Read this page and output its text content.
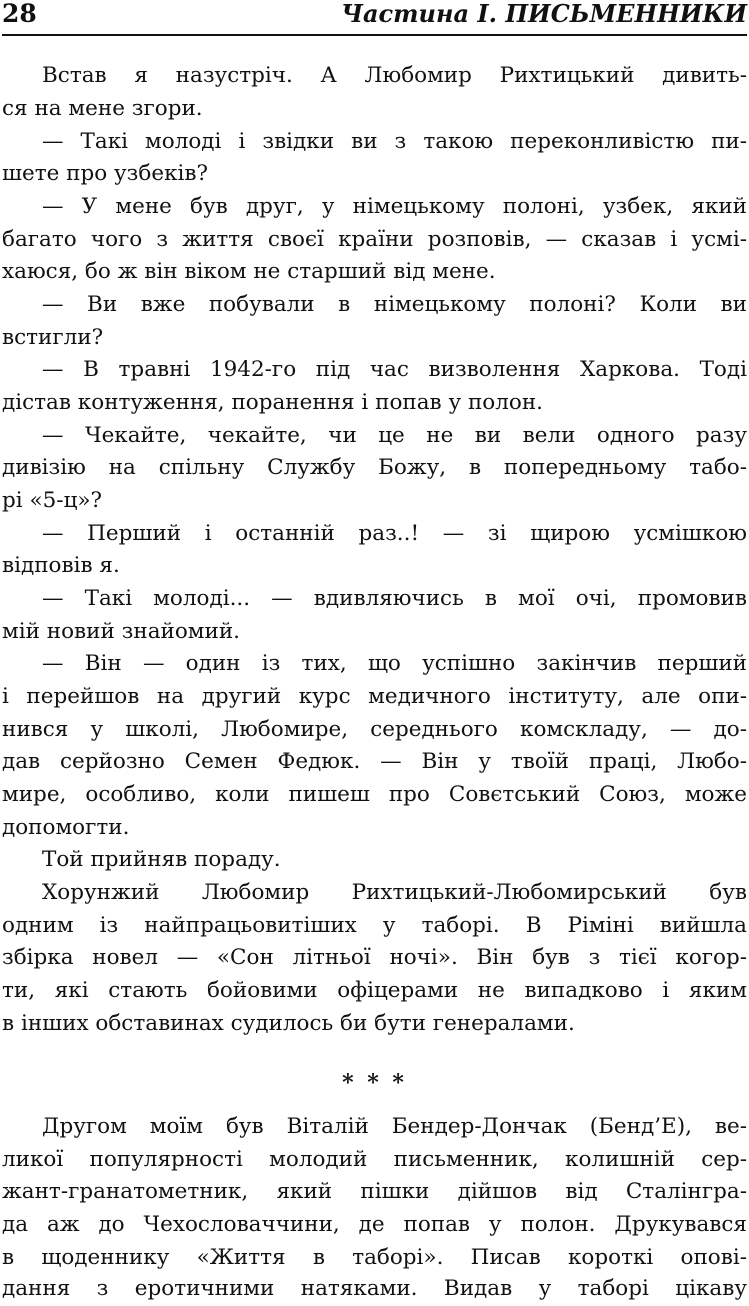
28	Частина І. ПИСЬМЕННИКИ
Встав я назустріч. А Любомир Рихтицький дивить-
ся на мене згори.
— Такі молоді і звідки ви з такою переконливістю пи-
шете про узбеків?
— У мене був друг, у німецькому полоні, узбек, який
багато чого з життя своєї країни розповів, — сказав і усмі-
хаюся, бо ж він віком не старший від мене.
— Ви вже побували в німецькому полоні? Коли ви
встигли?
— В травні 1942-го під час визволення Харкова. Тоді
дістав контуження, поранення і попав у полон.
— Чекайте, чекайте, чи це не ви вели одного разу
дивізію на спільну Службу Божу, в попередньому табо-
рі «5-ц»?
— Перший і останній раз..! — зі щирою усмішкою
відповів я.
— Такі молоді... — вдивляючись в мої очі, промовив
мій новий знайомий.
— Він — один із тих, що успішно закінчив перший
і перейшов на другий курс медичного інституту, але опи-
нився у школі, Любомире, середнього комскладу, — до-
дав серйозно Семен Федюк. — Він у твоїй праці, Любо-
мире, особливо, коли пишеш про Совєтський Союз, може
допомогти.
Той прийняв пораду.
Хорунжий Любомир Рихтицький-Любомирський був
одним із найпрацьовитіших у таборі. В Ріміні вийшла
збірка новел — «Сон літньої ночі». Він був з тієї когор-
ти, які стають бойовими офіцерами не випадково і яким
в інших обставинах судилось би бути генералами.
* * *
Другом моїм був Віталій Бендер-Дончак (Бенд’Е), ве-
ликої популярності молодий письменник, колишній сер-
жант-гранатометник, який пішки дійшов від Сталінгра-
да аж до Чехословаччини, де попав у полон. Друкувався
в щоденнику «Життя в таборі». Писав короткі опові-
дання з еротичними натяками. Видав у таборі цікаву
